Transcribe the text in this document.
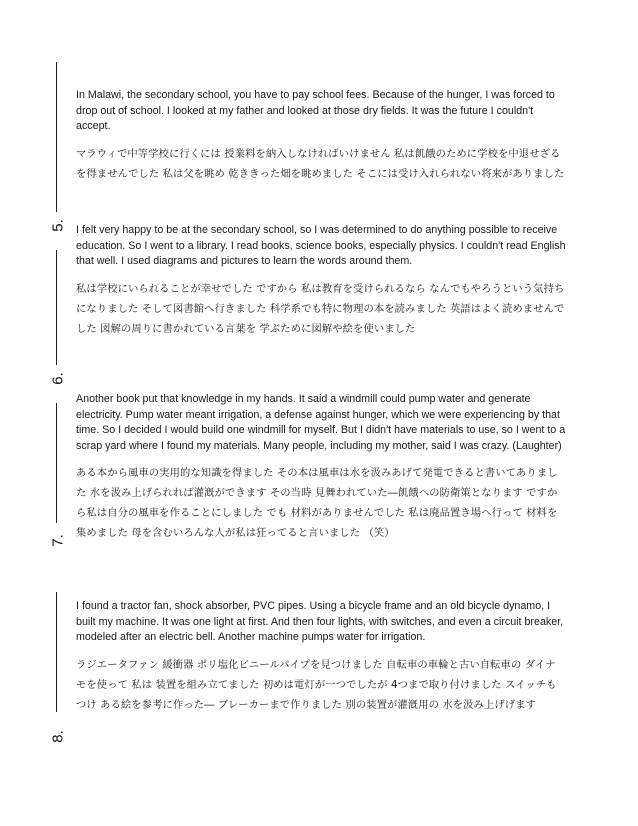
5.
6.
7.
8.

In Malawi, the secondary school, you have to pay school fees. Because of the hunger, I was forced to drop out of school. I looked at my father and looked at those dry fields. It was the future I couldn't accept.

マラウィで中等学校に行くには 授業料を納入しなければいけません 私は飢餓のために学校を中退せざるを得ませんでした 私は父を眺め 乾ききった畑を眺めました そこには受け入れられない将来がありました

I felt very happy to be at the secondary school, so I was determined to do anything possible to receive education. So I went to a library. I read books, science books, especially physics. I couldn't read English that well. I used diagrams and pictures to learn the words around them.

私は学校にいられることが幸せでした ですから 私は教育を受けられるなら なんでもやろうという気持ちになりました そして図書館へ行きました 科学系でも特に物理の本を読みました 英語はよく読めませんでした 図解の周りに書かれている言葉を 学ぶために図解や絵を使いました

Another book put that knowledge in my hands. It said a windmill could pump water and generate electricity. Pump water meant irrigation, a defense against hunger, which we were experiencing by that time. So I decided I would build one windmill for myself. But I didn't have materials to use, so I went to a scrap yard where I found my materials. Many people, including my mother, said I was crazy. (Laughter)

ある本から風車の実用的な知識を得ました その本は風車は水を汲みあげて発電できると書いてありました 水を汲み上げられれば灌漑ができます その当時 見舞われていた―飢餓への防衛策となります ですから私は自分の風車を作ることにしました でも 材料がありませんでした 私は廃品置き場へ行って 材料を集めました 母を含むいろんな人が私は狂ってると言いました （笑）

I found a tractor fan, shock absorber, PVC pipes. Using a bicycle frame and an old bicycle dynamo, I built my machine. It was one light at first. And then four lights, with switches, and even a circuit breaker, modeled after an electric bell. Another machine pumps water for irrigation.

ラジエータファン 緩衝器 ポリ塩化ビニールパイプを見つけました 自転車の車輪と古い自転車の ダイナモを使って 私は 装置を組み立てました 初めは電灯が一つでしたが 4つまで取り付けました スイッチもつけ ある絵を参考に作った― ブレーカーまで作りました 別の装置が灌漑用の 水を汲み上げげます
